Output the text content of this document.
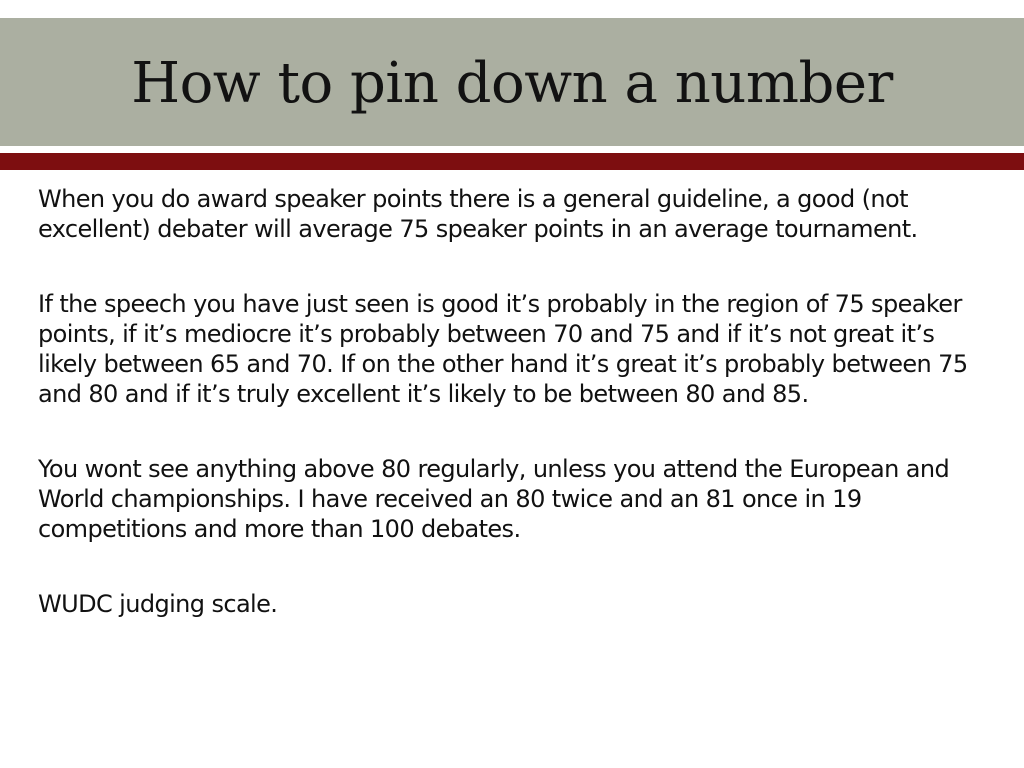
How to pin down a number

When you do award speaker points there is a general guideline, a good (not excellent) debater will average 75 speaker points in an average tournament.

If the speech you have just seen is good it’s probably in the region of 75 speaker points, if it’s mediocre it’s probably between 70 and 75 and if it’s not great it’s likely between 65 and 70. If on the other hand it’s great it’s probably between 75 and 80 and if it’s truly excellent it’s likely to be between 80 and 85.

You wont see anything above 80 regularly, unless you attend the European and World championships. I have received an 80 twice and an 81 once in 19 competitions and more than 100 debates.

WUDC judging scale.
